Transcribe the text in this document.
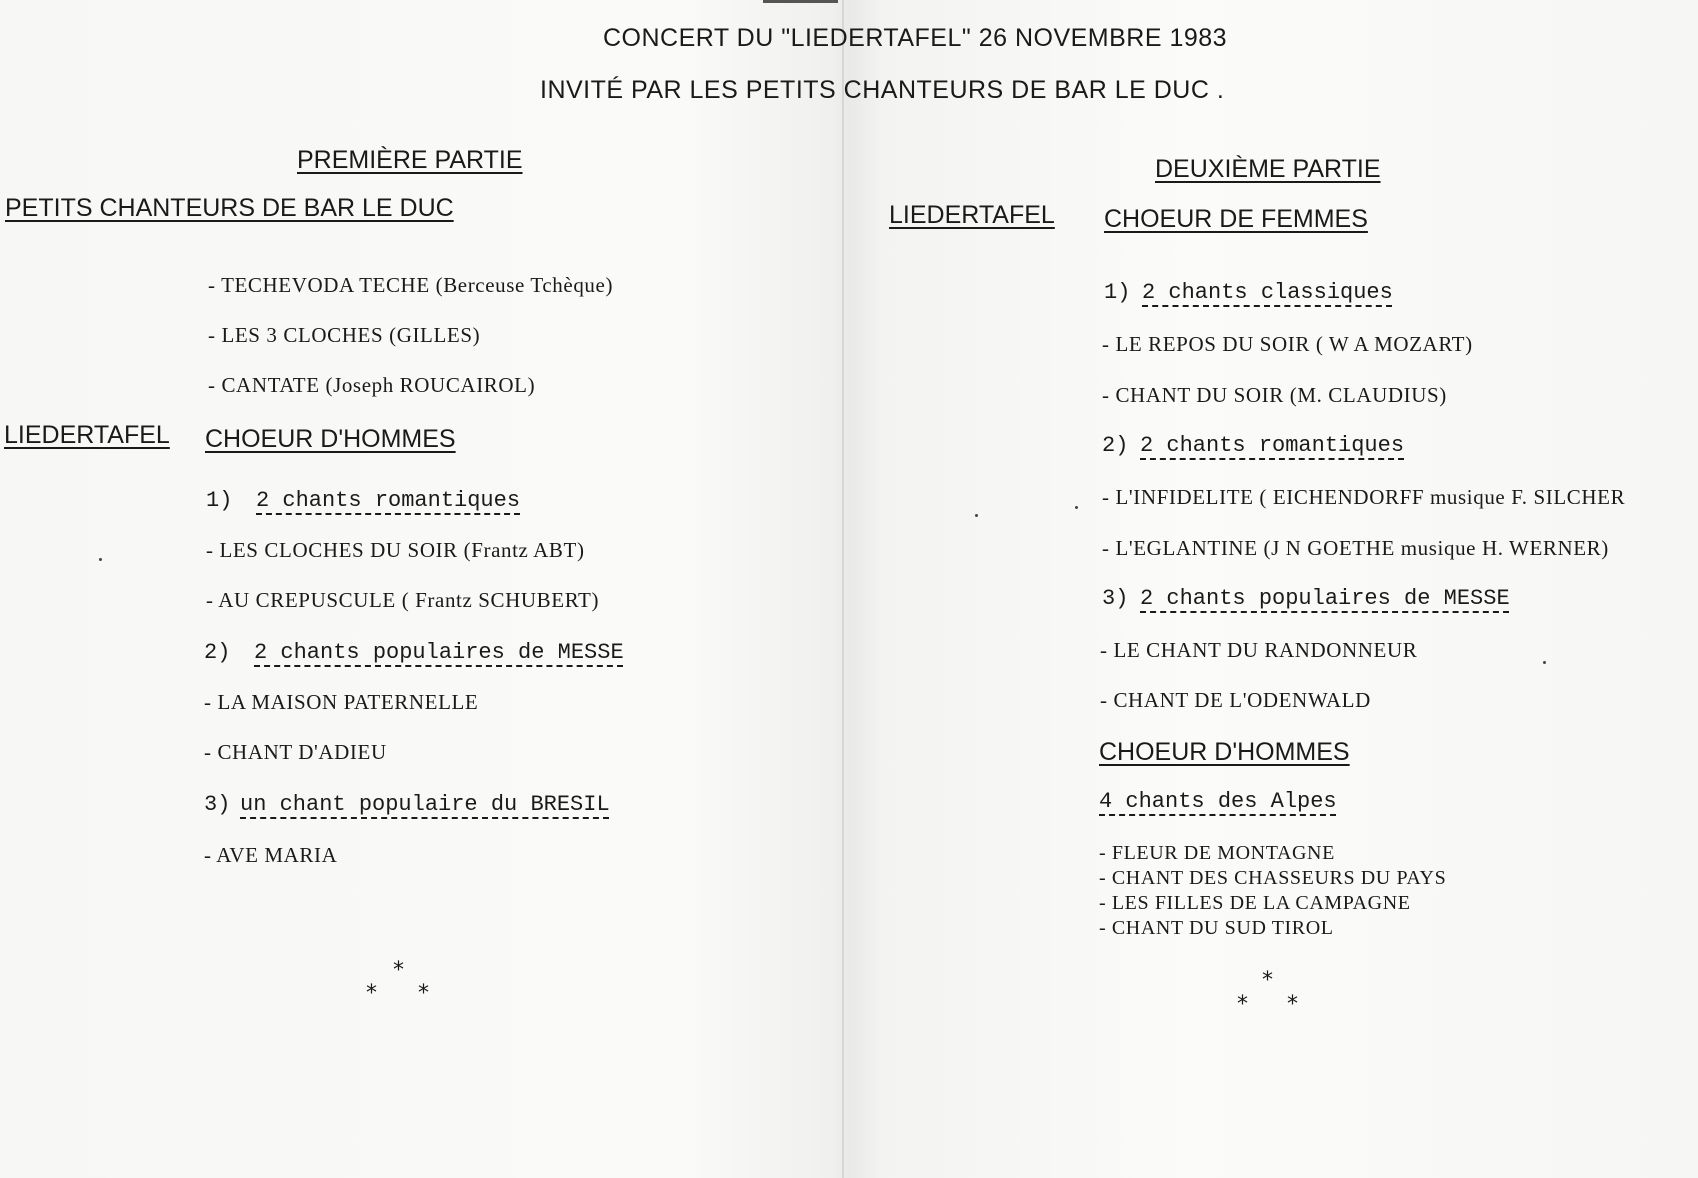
CONCERT DU "LIEDERTAFEL" 26 NOVEMBRE 1983

INVITÉ PAR LES PETITS CHANTEURS DE BAR LE DUC .

PREMIÈRE PARTIE

PETITS CHANTEURS DE BAR LE DUC

- TECHEVODA TECHE (Berceuse Tchèque)

- LES 3 CLOCHES (GILLES)

- CANTATE (Joseph ROUCAIROL)

LIEDERTAFEL CHOEUR D'HOMMES

1) 2 chants romantiques

- LES CLOCHES DU SOIR (Frantz ABT)

- AU CREPUSCULE ( Frantz SCHUBERT)

2) 2 chants populaires de MESSE

- LA MAISON PATERNELLE

- CHANT D'ADIEU

3) un chant populaire du BRESIL

- AVE MARIA

*
* *

DEUXIÈME PARTIE

LIEDERTAFEL CHOEUR DE FEMMES

1) 2 chants classiques

- LE REPOS DU SOIR ( W A MOZART)

- CHANT DU SOIR (M. CLAUDIUS)

2) 2 chants romantiques

- L'INFIDELITE ( EICHENDORFF musique F. SILCHER

- L'EGLANTINE (J N GOETHE musique H. WERNER)

3) 2 chants populaires de MESSE

- LE CHANT DU RANDONNEUR

- CHANT DE L'ODENWALD

CHOEUR D'HOMMES

4 chants des Alpes

- FLEUR DE MONTAGNE

- CHANT DES CHASSEURS DU PAYS

- LES FILLES DE LA CAMPAGNE

- CHANT DU SUD TIROL

*
* *
